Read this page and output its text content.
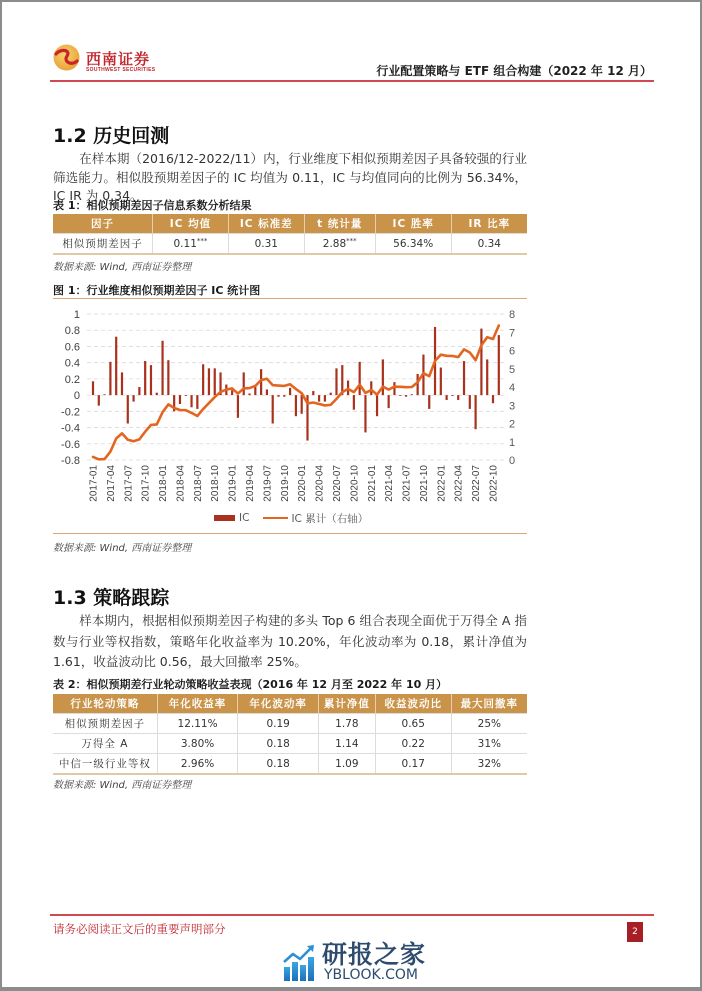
西南证券
SOUTHWEST SECURITIES	行业配置策略与 ETF 组合构建（2022 年 12 月）
1.2 历史回测

在样本期（2016/12-2022/11）内，行业维度下相似预期差因子具备较强的行业筛选能力。相似股预期差因子的 IC 均值为 0.11，IC 与均值同向的比例为 56.34%，IC IR 为 0.34。

表 1：相似预期差因子信息系数分析结果
因子	IC 均值	IC 标准差	t 统计量	IC 胜率	IR 比率
相似预期差因子	0.11***	0.31	2.88***	56.34%	0.34
数据来源: Wind, 西南证券整理
图 1：行业维度相似预期差因子 IC 统计图
1
0.8
0.6
0.4
0.2
0
-0.2
-0.4
-0.6
-0.8
8
7
6
5
4
3
2
1
0
2017-01 2017-04 2017-07 2017-10 2018-01 2018-04 2018-07 2018-10 2019-01 2019-04 2019-07 2019-10 2020-01 2020-04 2020-07 2020-10 2021-01 2021-04 2021-07 2021-10 2022-01 2022-04 2022-07 2022-10
IC	IC 累计（右轴）
数据来源: Wind, 西南证券整理
1.3 策略跟踪

样本期内，根据相似预期差因子构建的多头 Top 6 组合表现全面优于万得全 A 指数与行业等权指数，策略年化收益率为 10.20%，年化波动率为 0.18，累计净值为 1.61，收益波动比 0.56，最大回撤率 25%。

表 2：相似预期差行业轮动策略收益表现（2016 年 12 月至 2022 年 10 月）
行业轮动策略	年化收益率	年化波动率	累计净值	收益波动比	最大回撤率
相似预期差因子	12.11%	0.19	1.78	0.65	25%
万得全 A	3.80%	0.18	1.14	0.22	31%
中信一级行业等权	2.96%	0.18	1.09	0.17	32%
数据来源: Wind, 西南证券整理
请务必阅读正文后的重要声明部分	2
研报之家
YBLOOK.COM
